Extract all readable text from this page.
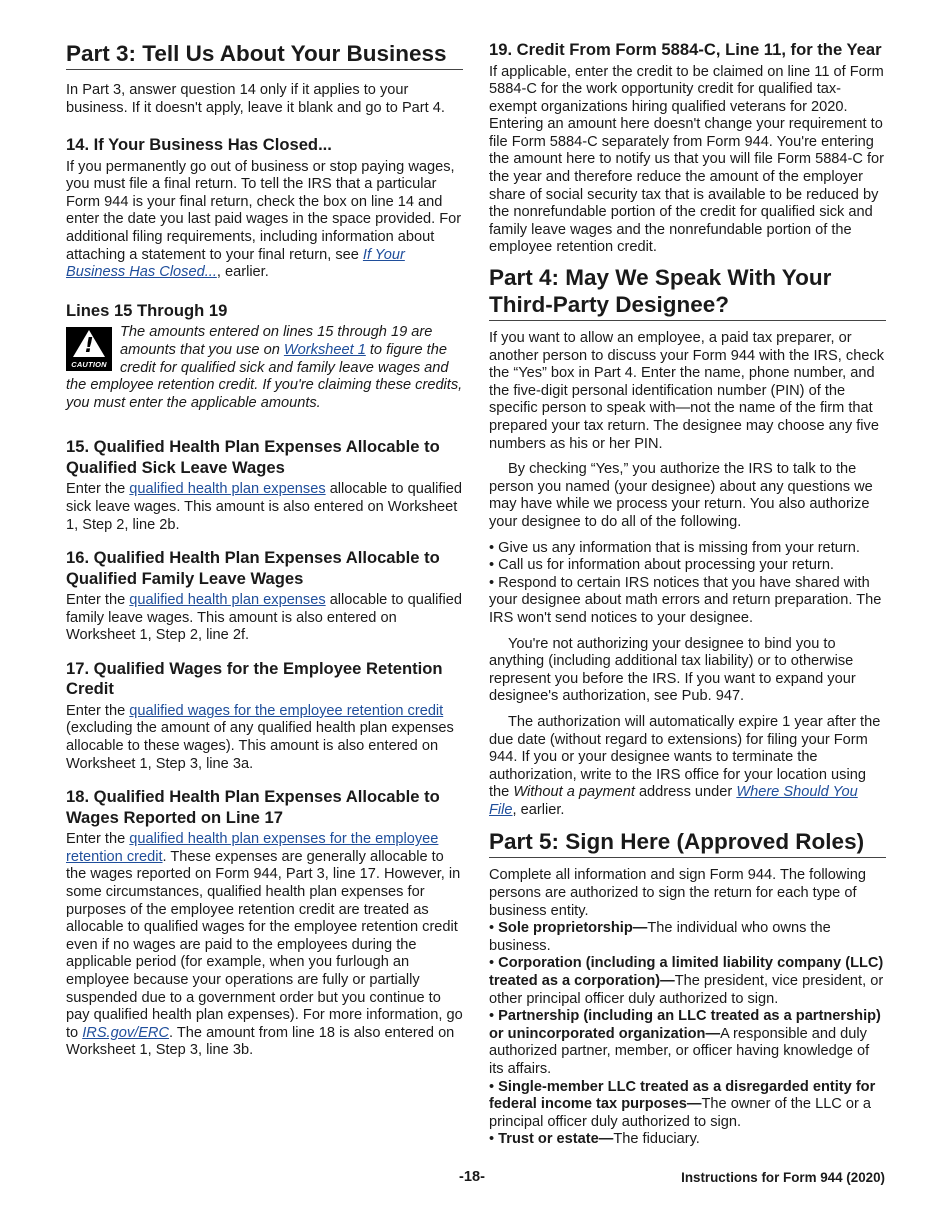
Part 3: Tell Us About Your Business

In Part 3, answer question 14 only if it applies to your business. If it doesn't apply, leave it blank and go to Part 4.

14. If Your Business Has Closed...

If you permanently go out of business or stop paying wages, you must file a final return. To tell the IRS that a particular Form 944 is your final return, check the box on line 14 and enter the date you last paid wages in the space provided. For additional filing requirements, including information about attaching a statement to your final return, see If Your Business Has Closed..., earlier.

Lines 15 Through 19
!
CAUTION
The amounts entered on lines 15 through 19 are amounts that you use on Worksheet 1 to figure the credit for qualified sick and family leave wages and the employee retention credit. If you're claiming these credits, you must enter the applicable amounts.
15. Qualified Health Plan Expenses Allocable to Qualified Sick Leave Wages

Enter the qualified health plan expenses allocable to qualified sick leave wages. This amount is also entered on Worksheet 1, Step 2, line 2b.

16. Qualified Health Plan Expenses Allocable to Qualified Family Leave Wages

Enter the qualified health plan expenses allocable to qualified family leave wages. This amount is also entered on Worksheet 1, Step 2, line 2f.

17. Qualified Wages for the Employee Retention Credit

Enter the qualified wages for the employee retention credit (excluding the amount of any qualified health plan expenses allocable to these wages). This amount is also entered on Worksheet 1, Step 3, line 3a.

18. Qualified Health Plan Expenses Allocable to Wages Reported on Line 17

Enter the qualified health plan expenses for the employee retention credit. These expenses are generally allocable to the wages reported on Form 944, Part 3, line 17. However, in some circumstances, qualified health plan expenses for purposes of the employee retention credit are treated as allocable to qualified wages for the employee retention credit even if no wages are paid to the employees during the applicable period (for example, when you furlough an employee because your operations are fully or partially suspended due to a government order but you continue to pay qualified health plan expenses). For more information, go to IRS.gov/ERC. The amount from line 18 is also entered on Worksheet 1, Step 3, line 3b.

19. Credit From Form 5884-C, Line 11, for the Year

If applicable, enter the credit to be claimed on line 11 of Form 5884-C for the work opportunity credit for qualified tax-exempt organizations hiring qualified veterans for 2020. Entering an amount here doesn't change your requirement to file Form 5884-C separately from Form 944. You're entering the amount here to notify us that you will file Form 5884-C for the year and therefore reduce the amount of the employer share of social security tax that is available to be reduced by the nonrefundable portion of the credit for qualified sick and family leave wages and the nonrefundable portion of the employee retention credit.

Part 4: May We Speak With Your Third-Party Designee?

If you want to allow an employee, a paid tax preparer, or another person to discuss your Form 944 with the IRS, check the “Yes” box in Part 4. Enter the name, phone number, and the five-digit personal identification number (PIN) of the specific person to speak with—not the name of the firm that prepared your tax return. The designee may choose any five numbers as his or her PIN.

By checking “Yes,” you authorize the IRS to talk to the person you named (your designee) about any questions we may have while we process your return. You also authorize your designee to do all of the following.

• Give us any information that is missing from your return.
• Call us for information about processing your return.
• Respond to certain IRS notices that you have shared with your designee about math errors and return preparation. The IRS won't send notices to your designee.

You're not authorizing your designee to bind you to anything (including additional tax liability) or to otherwise represent you before the IRS. If you want to expand your designee's authorization, see Pub. 947.

The authorization will automatically expire 1 year after the due date (without regard to extensions) for filing your Form 944. If you or your designee wants to terminate the authorization, write to the IRS office for your location using the Without a payment address under Where Should You File, earlier.

Part 5: Sign Here (Approved Roles)

Complete all information and sign Form 944. The following persons are authorized to sign the return for each type of business entity.

• Sole proprietorship—The individual who owns the business.
• Corporation (including a limited liability company (LLC) treated as a corporation)—The president, vice president, or other principal officer duly authorized to sign.
• Partnership (including an LLC treated as a partnership) or unincorporated organization—A responsible and duly authorized partner, member, or officer having knowledge of its affairs.
• Single-member LLC treated as a disregarded entity for federal income tax purposes—The owner of the LLC or a principal officer duly authorized to sign.
• Trust or estate—The fiduciary.
-18-	Instructions for Form 944 (2020)
